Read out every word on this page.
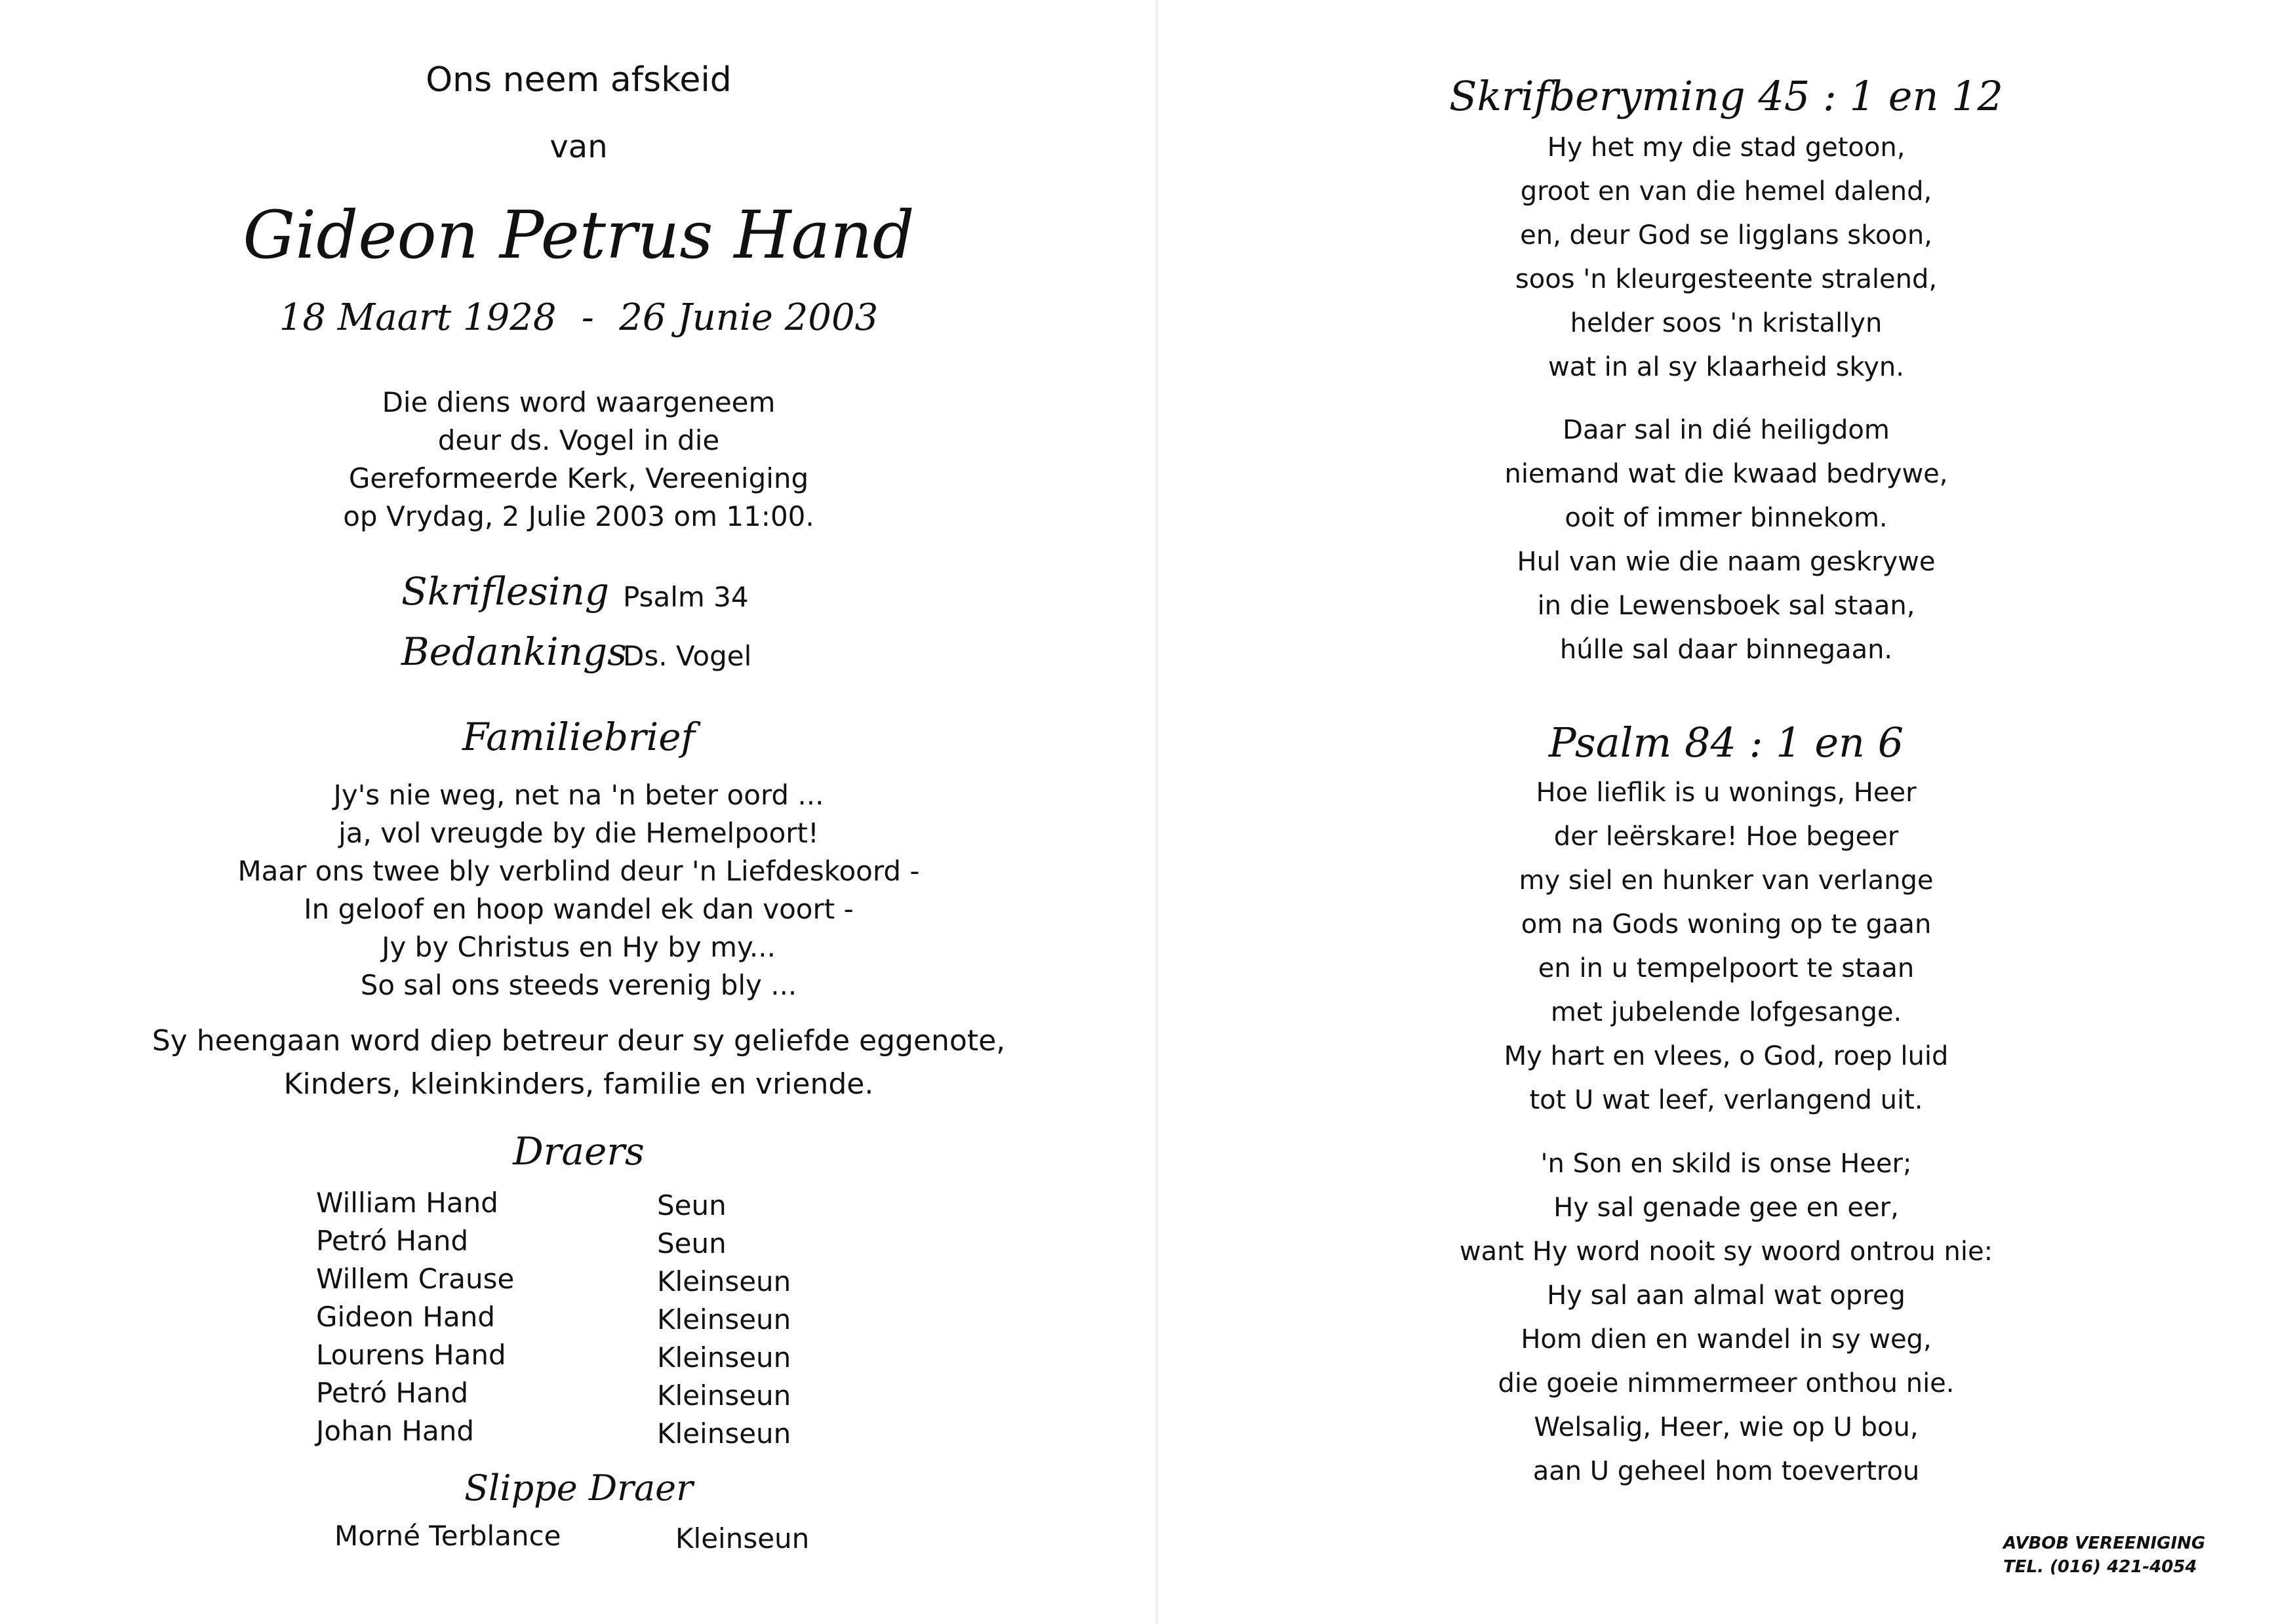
Ons neem afskeid
van
Gideon Petrus Hand
18 Maart 1928 - 26 Junie 2003
Die diens word waargeneem
deur ds. Vogel in die
Gereformeerde Kerk, Vereeniging
op Vrydag, 2 Julie 2003 om 11:00.
Skriflesing Psalm 34
Bedankings
Ds. Vogel
Familiebrief
Jy's nie weg, net na 'n beter oord ...
ja, vol vreugde by die Hemelpoort!
Maar ons twee bly verblind deur 'n Liefdeskoord -
In geloof en hoop wandel ek dan voort -
Jy by Christus en Hy by my...
So sal ons steeds verenig bly ...
Sy heengaan word diep betreur deur sy geliefde eggenote,
Kinders, kleinkinders, familie en vriende.
Draers
William Hand
Petró Hand
Willem Crause
Gideon Hand
Lourens Hand
Petró Hand
Johan Hand
Seun
Seun
Kleinseun
Kleinseun
Kleinseun
Kleinseun
Kleinseun
Slippe Draer
Morné Terblance	Kleinseun
Skrifberyming 45 : 1 en 12
Hy het my die stad getoon,
groot en van die hemel dalend,
en, deur God se ligglans skoon,
soos 'n kleurgesteente stralend,
helder soos 'n kristallyn
wat in al sy klaarheid skyn.
Daar sal in dié heiligdom
niemand wat die kwaad bedrywe,
ooit of immer binnekom.
Hul van wie die naam geskrywe
in die Lewensboek sal staan,
húlle sal daar binnegaan.
Psalm 84 : 1 en 6
Hoe lieflik is u wonings, Heer
der leërskare! Hoe begeer
my siel en hunker van verlange
om na Gods woning op te gaan
en in u tempelpoort te staan
met jubelende lofgesange.
My hart en vlees, o God, roep luid
tot U wat leef, verlangend uit.
'n Son en skild is onse Heer;
Hy sal genade gee en eer,
want Hy word nooit sy woord ontrou nie:
Hy sal aan almal wat opreg
Hom dien en wandel in sy weg,
die goeie nimmermeer onthou nie.
Welsalig, Heer, wie op U bou,
aan U geheel hom toevertrou
AVBOB VEREENIGING
TEL. (016) 421-4054
